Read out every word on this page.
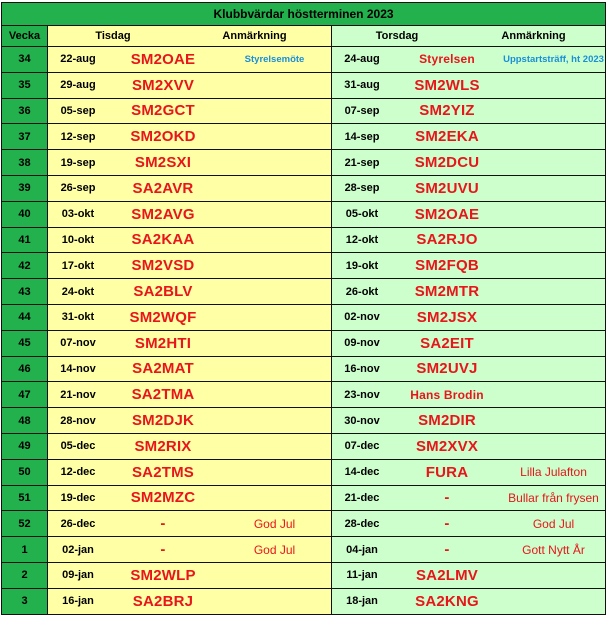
Klubbvärdar höstterminen 2023		
Vecka	Tisdag Anmärkning	Torsdag Anmärkning

34	22-aug SM2OAE Styrelsemöte	24-aug Styrelsen Uppstartsträff, ht 2023

35	29-aug SM2XVV	31-aug SM2WLS

36	05-sep SM2GCT	07-sep SM2YIZ

37	12-sep SM2OKD	14-sep SM2EKA

38	19-sep SM2SXI	21-sep SM2DCU

39	26-sep SA2AVR	28-sep SM2UVU

40	03-okt SM2AVG	05-okt SM2OAE

41	10-okt SA2KAA	12-okt SA2RJO

42	17-okt SM2VSD	19-okt SM2FQB

43	24-okt SA2BLV	26-okt SM2MTR

44	31-okt SM2WQF	02-nov SM2JSX

45	07-nov SM2HTI	09-nov SA2EIT

46	14-nov SA2MAT	16-nov SM2UVJ

47	21-nov SA2TMA	23-nov Hans Brodin

48	28-nov SM2DJK	30-nov SM2DIR

49	05-dec SM2RIX	07-dec SM2XVX

50	12-dec SA2TMS	14-dec FURA Lilla Julafton

51	19-dec SM2MZC	21-dec - Bullar från frysen

52	26-dec - God Jul	28-dec - God Jul

1	02-jan - God Jul	04-jan - Gott Nytt År

2	09-jan SM2WLP	11-jan SA2LMV

3	16-jan SA2BRJ	18-jan SA2KNG
